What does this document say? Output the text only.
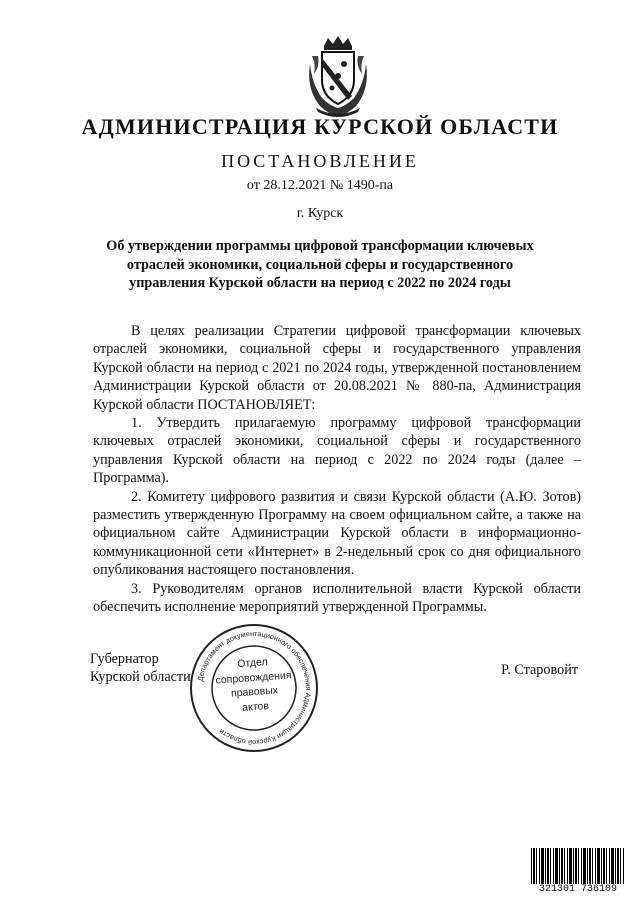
АДМИНИСТРАЦИЯ КУРСКОЙ ОБЛАСТИ
ПОСТАНОВЛЕНИЕ
от 28.12.2021 № 1490-па
г. Курск
Об утверждении программы цифровой трансформации ключевых отраслей экономики, социальной сферы и государственного управления Курской области на период с 2022 по 2024 годы

В целях реализации Стратегии цифровой трансформации ключевых отраслей экономики, социальной сферы и государственного управления Курской области на период с 2021 по 2024 годы, утвержденной постановлением Администрации Курской области от 20.08.2021 № 880-па, Администрация Курской области ПОСТАНОВЛЯЕТ:

1. Утвердить прилагаемую программу цифровой трансформации ключевых отраслей экономики, социальной сферы и государственного управления Курской области на период с 2022 по 2024 годы (далее – Программа).

2. Комитету цифрового развития и связи Курской области (А.Ю. Зотов) разместить утвержденную Программу на своем официальном сайте, а также на официальном сайте Администрации Курской области в информационно-коммуникационной сети «Интернет» в 2-недельный срок со дня официального опубликования настоящего постановления.

3. Руководителям органов исполнительной власти Курской области обеспечить исполнение мероприятий утвержденной Программы.

Губернатор
Курской области Департамент документационного обеспечения Администрации Курской области
Отдел
сопровождения
правовых
актов
Р. Старовойт
321301 736109
